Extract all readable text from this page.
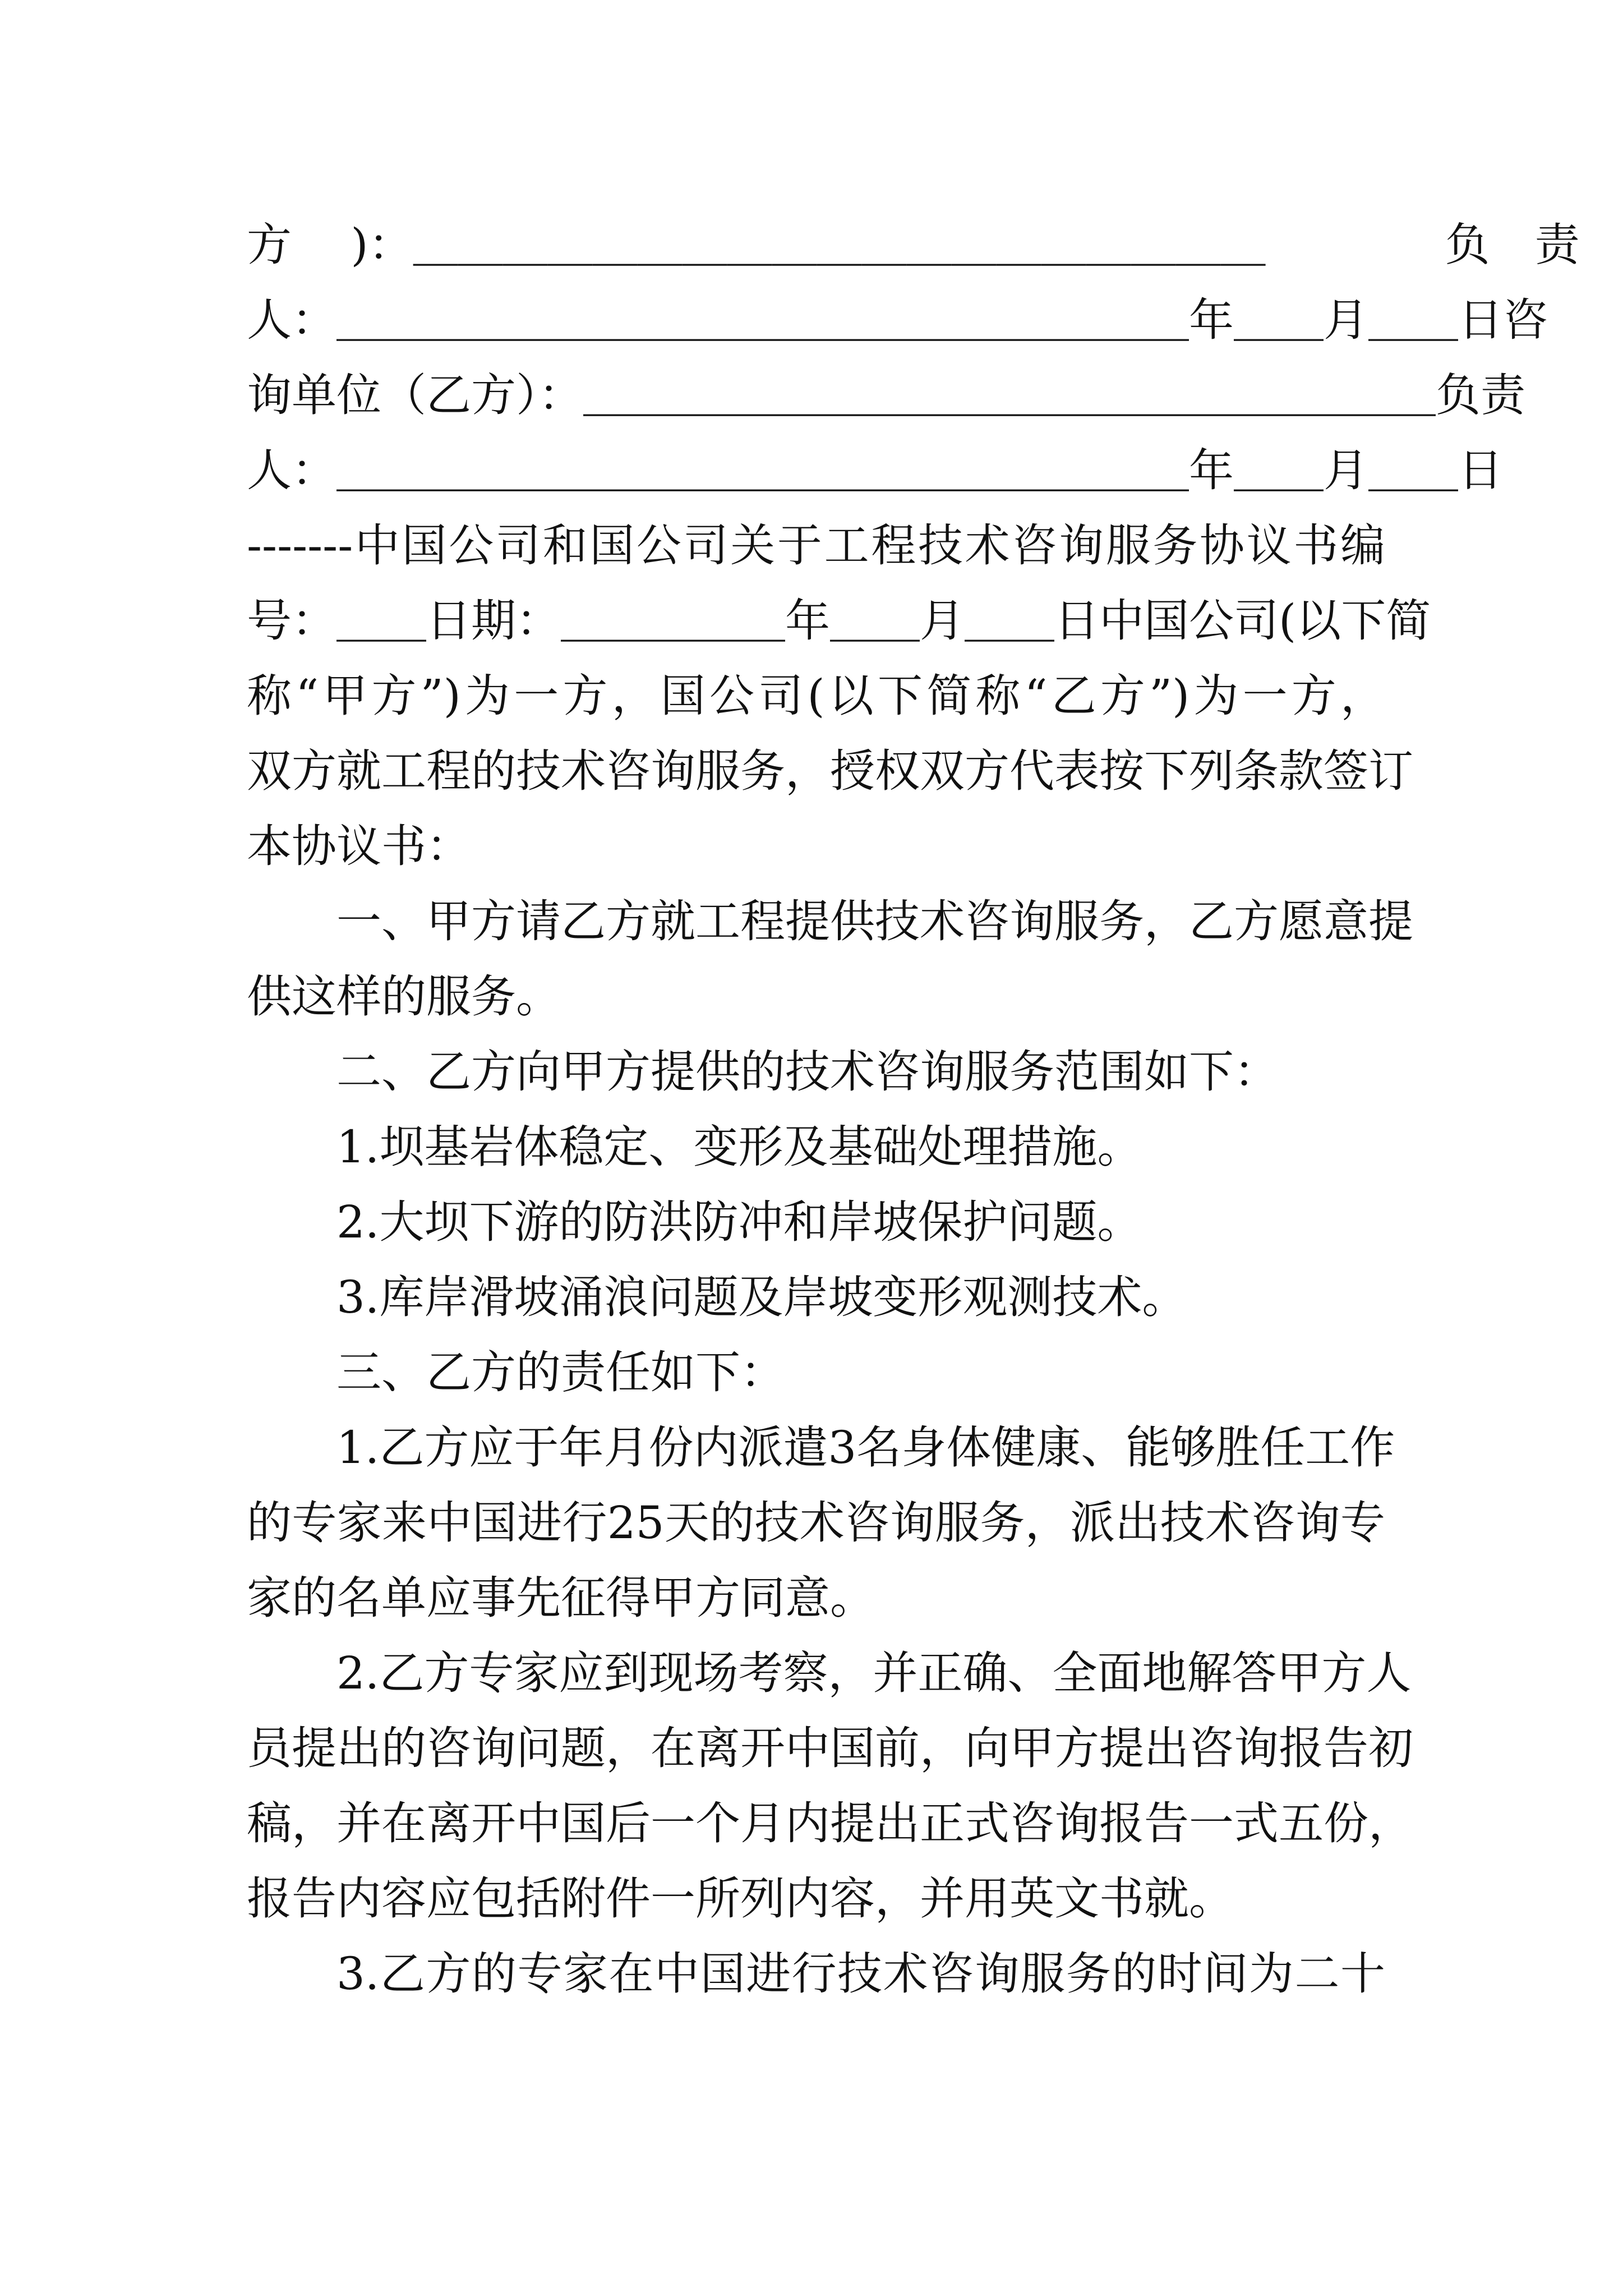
方　 )：＿＿＿＿＿＿＿＿＿＿＿＿＿＿＿＿＿＿＿　　　　负　责
人：＿＿＿＿＿＿＿＿＿＿＿＿＿＿＿＿＿＿＿年＿＿月＿＿日咨
询单位（乙方）：＿＿＿＿＿＿＿＿＿＿＿＿＿＿＿＿＿＿＿负责
人：＿＿＿＿＿＿＿＿＿＿＿＿＿＿＿＿＿＿＿年＿＿月＿＿日
-------中国公司和国公司关于工程技术咨询服务协议书编
号：＿＿日期：＿＿＿＿＿年＿＿月＿＿日中国公司(以下简
称“甲方”)为一方，国公司(以下简称“乙方”)为一方，
双方就工程的技术咨询服务，授权双方代表按下列条款签订
本协议书：
一、甲方请乙方就工程提供技术咨询服务，乙方愿意提
供这样的服务。
二、乙方向甲方提供的技术咨询服务范围如下：
1.坝基岩体稳定、变形及基础处理措施。
2.大坝下游的防洪防冲和岸坡保护问题。
3.库岸滑坡涌浪问题及岸坡变形观测技术。
三、乙方的责任如下：
1.乙方应于年月份内派遣3名身体健康、能够胜任工作
的专家来中国进行25天的技术咨询服务，派出技术咨询专
家的名单应事先征得甲方同意。
2.乙方专家应到现场考察，并正确、全面地解答甲方人
员提出的咨询问题，在离开中国前，向甲方提出咨询报告初
稿，并在离开中国后一个月内提出正式咨询报告一式五份，
报告内容应包括附件一所列内容，并用英文书就。
3.乙方的专家在中国进行技术咨询服务的时间为二十
